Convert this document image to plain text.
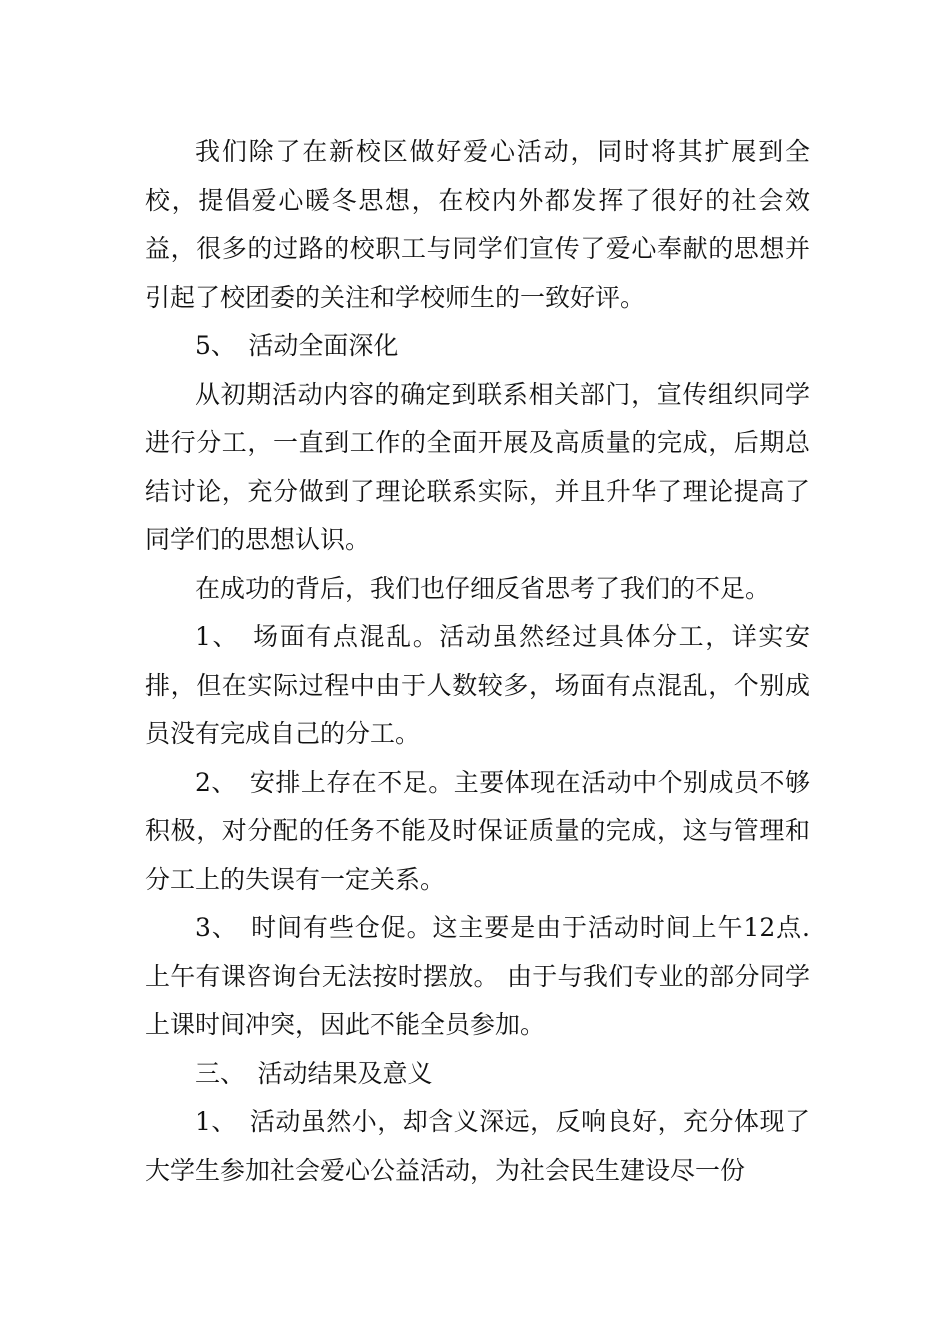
我们除了在新校区做好爱心活动，同时将其扩展到全校，提倡爱心暖冬思想，在校内外都发挥了很好的社会效益，很多的过路的校职工与同学们宣传了爱心奉献的思想并引起了校团委的关注和学校师生的一致好评。

5、　活动全面深化

从初期活动内容的确定到联系相关部门，宣传组织同学进行分工，一直到工作的全面开展及高质量的完成，后期总结讨论，充分做到了理论联系实际，并且升华了理论提高了同学们的思想认识。

在成功的背后，我们也仔细反省思考了我们的不足。

1、　场面有点混乱。活动虽然经过具体分工，详实安排，但在实际过程中由于人数较多，场面有点混乱，个别成员没有完成自己的分工。

2、　安排上存在不足。主要体现在活动中个别成员不够积极，对分配的任务不能及时保证质量的完成，这与管理和分工上的失误有一定关系。

3、　时间有些仓促。这主要是由于活动时间上午12点.上午有课咨询台无法按时摆放。 由于与我们专业的部分同学上课时间冲突，因此不能全员参加。

三、　活动结果及意义

1、　活动虽然小，却含义深远，反响良好，充分体现了大学生参加社会爱心公益活动，为社会民生建设尽一份
